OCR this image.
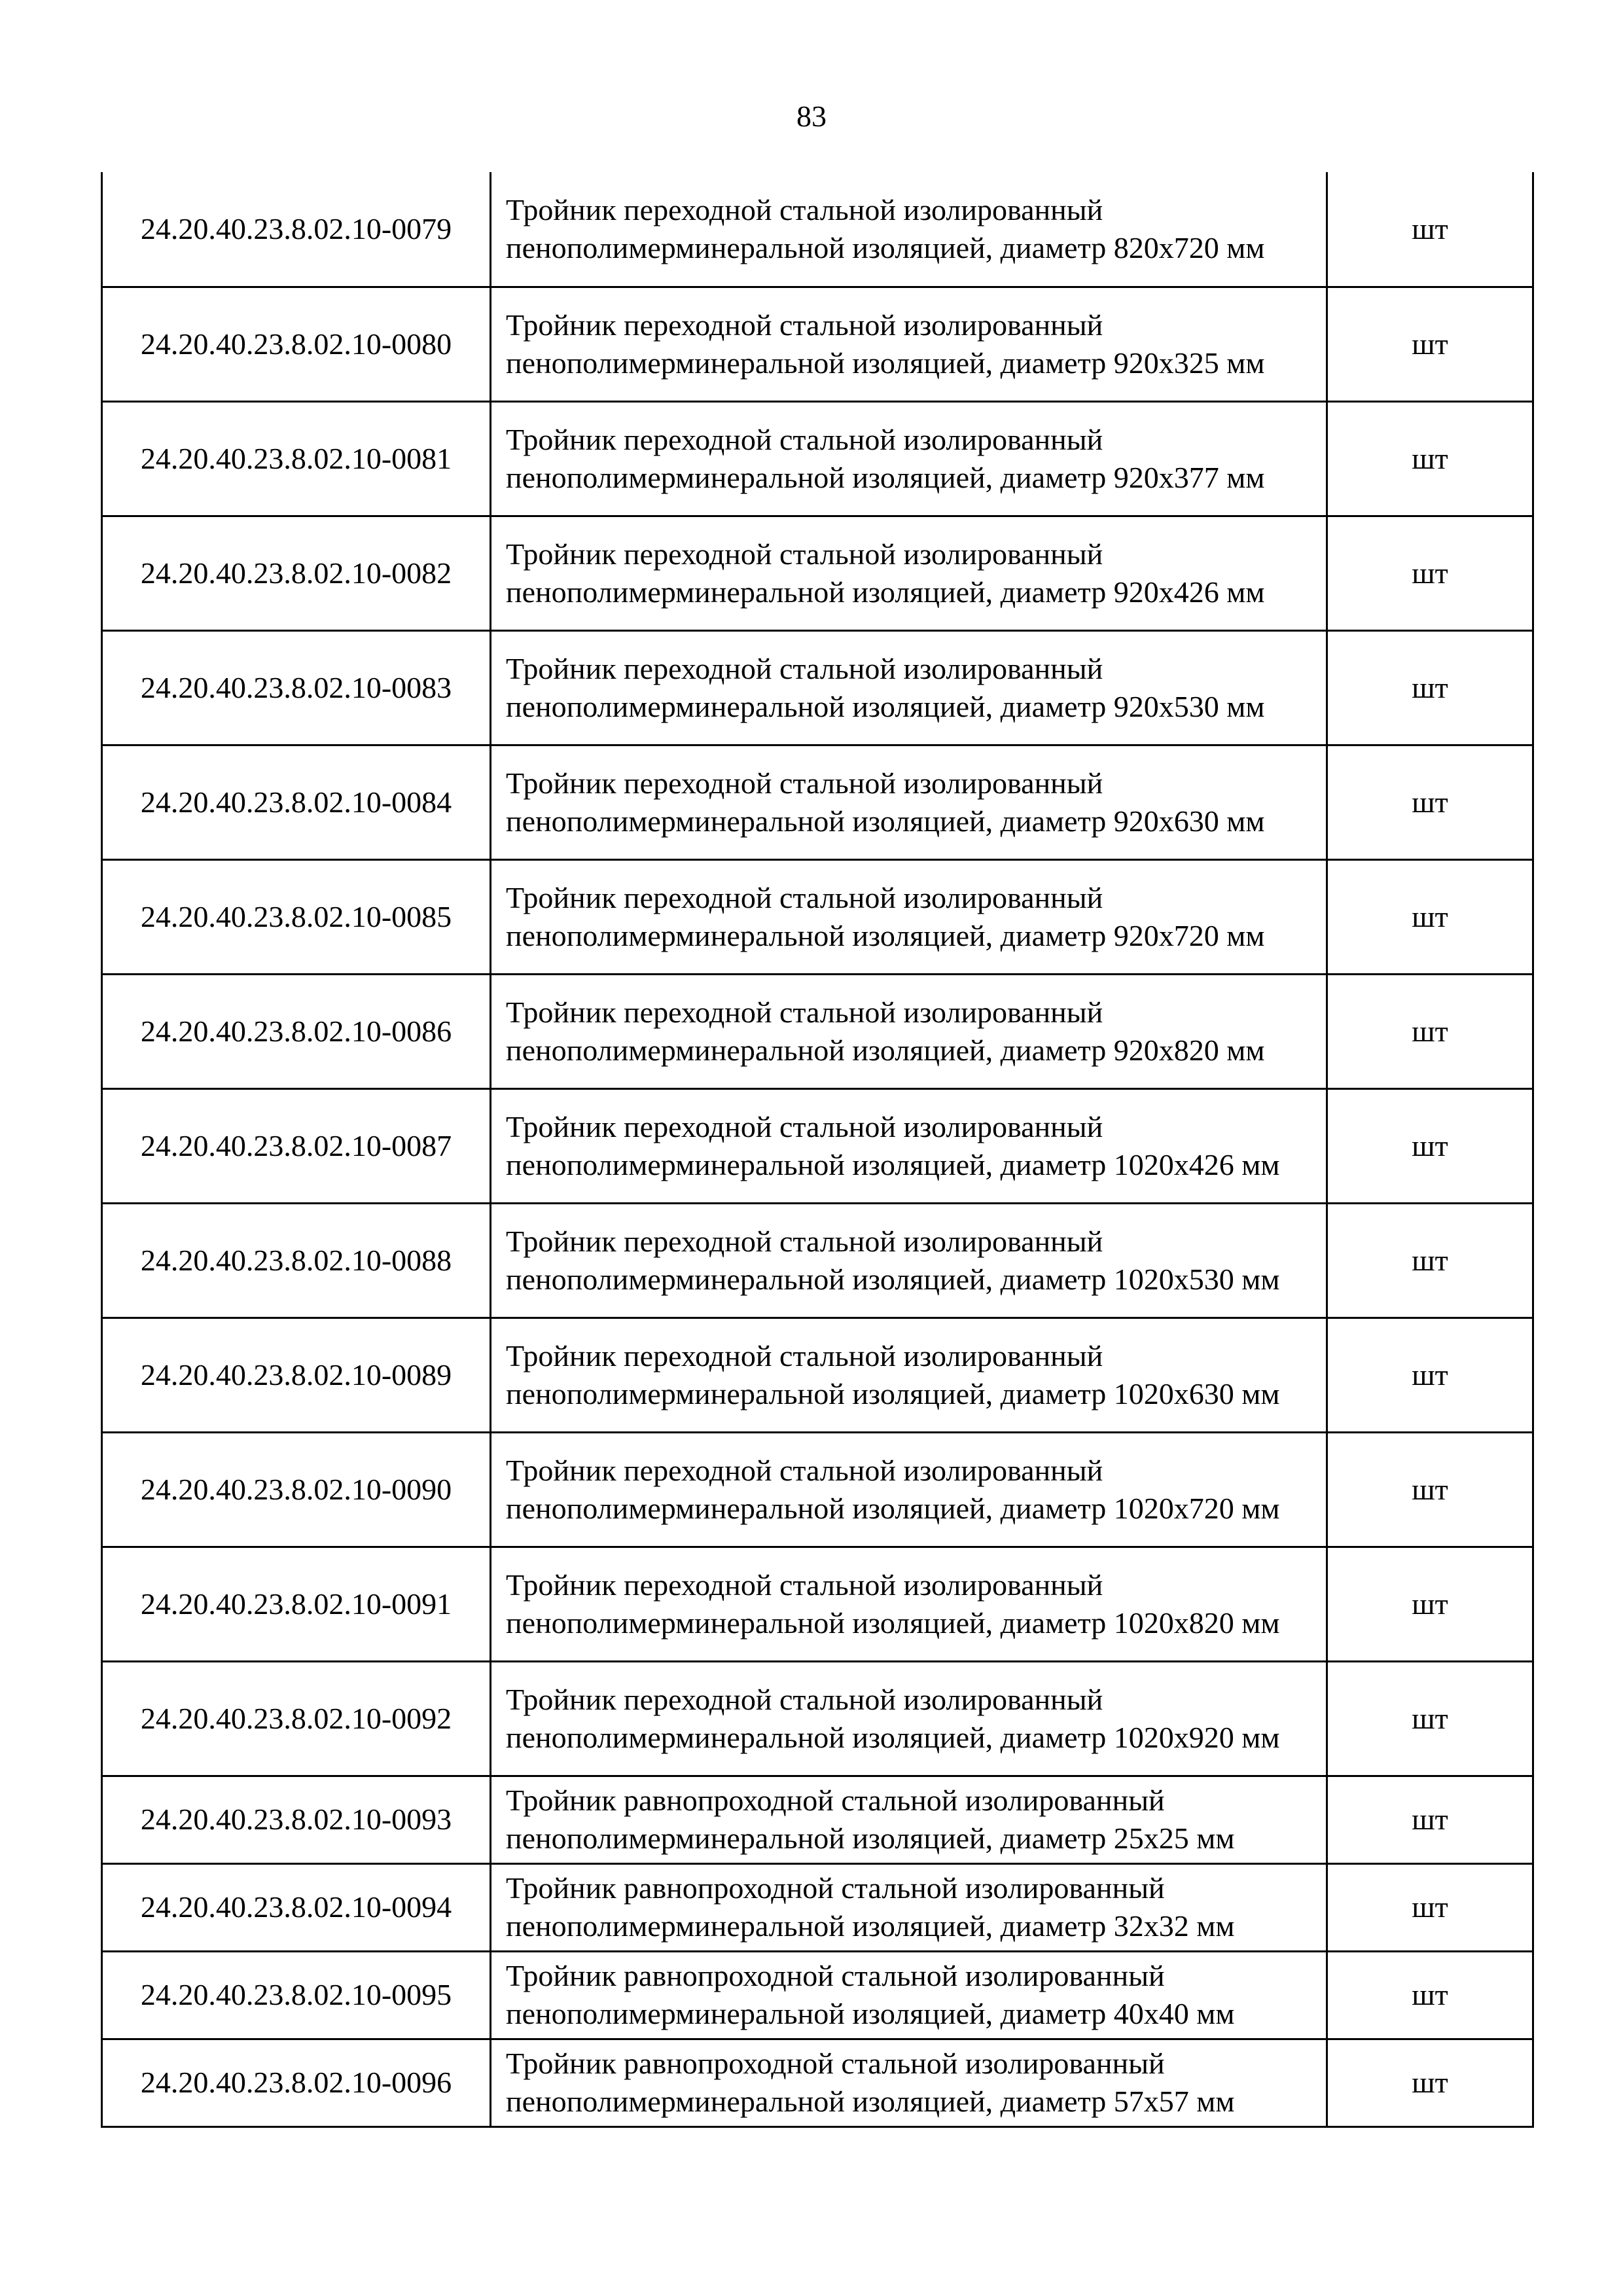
83
24.20.40.23.8.02.10-0079	Тройник переходной стальной изолированный пенополимерминеральной изоляцией, диаметр 820х720 мм	шт
24.20.40.23.8.02.10-0080	Тройник переходной стальной изолированный пенополимерминеральной изоляцией, диаметр 920х325 мм	шт
24.20.40.23.8.02.10-0081	Тройник переходной стальной изолированный пенополимерминеральной изоляцией, диаметр 920х377 мм	шт
24.20.40.23.8.02.10-0082	Тройник переходной стальной изолированный пенополимерминеральной изоляцией, диаметр 920х426 мм	шт
24.20.40.23.8.02.10-0083	Тройник переходной стальной изолированный пенополимерминеральной изоляцией, диаметр 920х530 мм	шт
24.20.40.23.8.02.10-0084	Тройник переходной стальной изолированный пенополимерминеральной изоляцией, диаметр 920х630 мм	шт
24.20.40.23.8.02.10-0085	Тройник переходной стальной изолированный пенополимерминеральной изоляцией, диаметр 920х720 мм	шт
24.20.40.23.8.02.10-0086	Тройник переходной стальной изолированный пенополимерминеральной изоляцией, диаметр 920х820 мм	шт
24.20.40.23.8.02.10-0087	Тройник переходной стальной изолированный пенополимерминеральной изоляцией, диаметр 1020х426 мм	шт
24.20.40.23.8.02.10-0088	Тройник переходной стальной изолированный пенополимерминеральной изоляцией, диаметр 1020х530 мм	шт
24.20.40.23.8.02.10-0089	Тройник переходной стальной изолированный пенополимерминеральной изоляцией, диаметр 1020х630 мм	шт
24.20.40.23.8.02.10-0090	Тройник переходной стальной изолированный пенополимерминеральной изоляцией, диаметр 1020х720 мм	шт
24.20.40.23.8.02.10-0091	Тройник переходной стальной изолированный пенополимерминеральной изоляцией, диаметр 1020х820 мм	шт
24.20.40.23.8.02.10-0092	Тройник переходной стальной изолированный пенополимерминеральной изоляцией, диаметр 1020х920 мм	шт
24.20.40.23.8.02.10-0093	Тройник равнопроходной стальной изолированный пенополимерминеральной изоляцией, диаметр 25х25 мм	шт
24.20.40.23.8.02.10-0094	Тройник равнопроходной стальной изолированный пенополимерминеральной изоляцией, диаметр 32х32 мм	шт
24.20.40.23.8.02.10-0095	Тройник равнопроходной стальной изолированный пенополимерминеральной изоляцией, диаметр 40х40 мм	шт
24.20.40.23.8.02.10-0096	Тройник равнопроходной стальной изолированный пенополимерминеральной изоляцией, диаметр 57х57 мм	шт
